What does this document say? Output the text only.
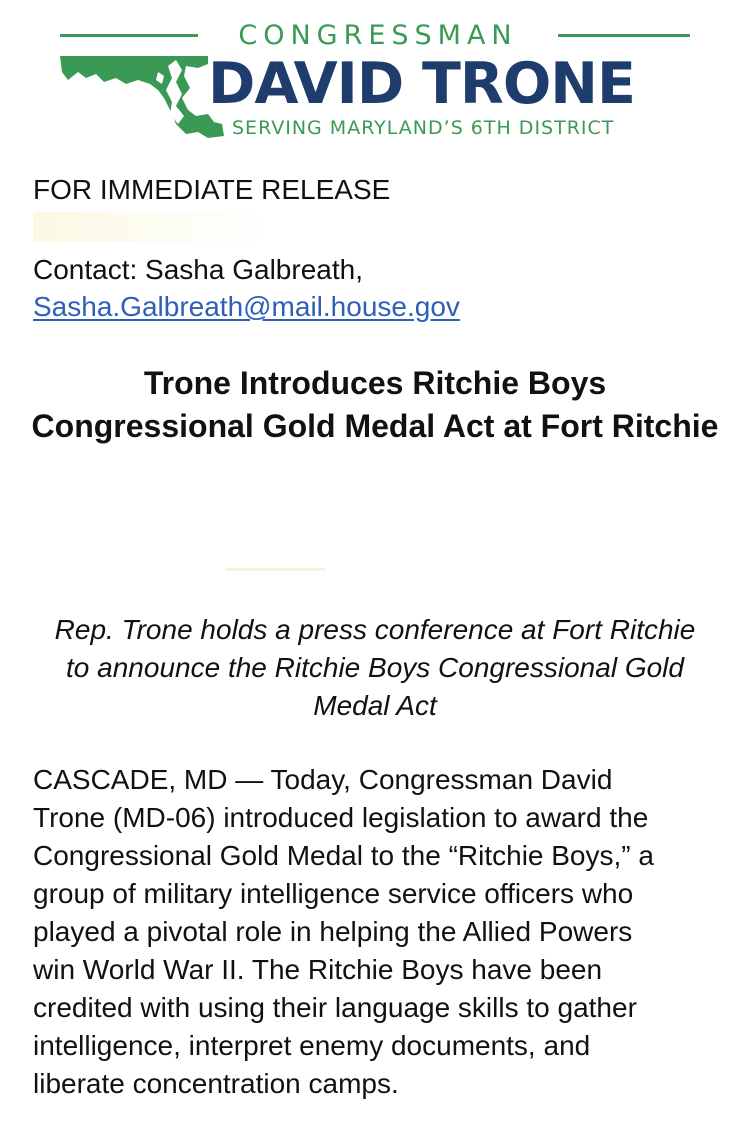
CONGRESSMAN
DAVID TRONE
SERVING MARYLAND’S 6TH DISTRICT
FOR IMMEDIATE RELEASE
Contact: Sasha Galbreath,
Sasha.Galbreath@mail.house.gov
Trone Introduces Ritchie Boys Congressional Gold Medal Act at Fort Ritchie
Rep. Trone holds a press conference at Fort Ritchie to announce the Ritchie Boys Congressional Gold Medal Act
CASCADE, MD — Today, Congressman David
Trone (MD-06) introduced legislation to award the
Congressional Gold Medal to the “Ritchie Boys,” a
group of military intelligence service officers who
played a pivotal role in helping the Allied Powers
win World War II. The Ritchie Boys have been
credited with using their language skills to gather
intelligence, interpret enemy documents, and
liberate concentration camps.
